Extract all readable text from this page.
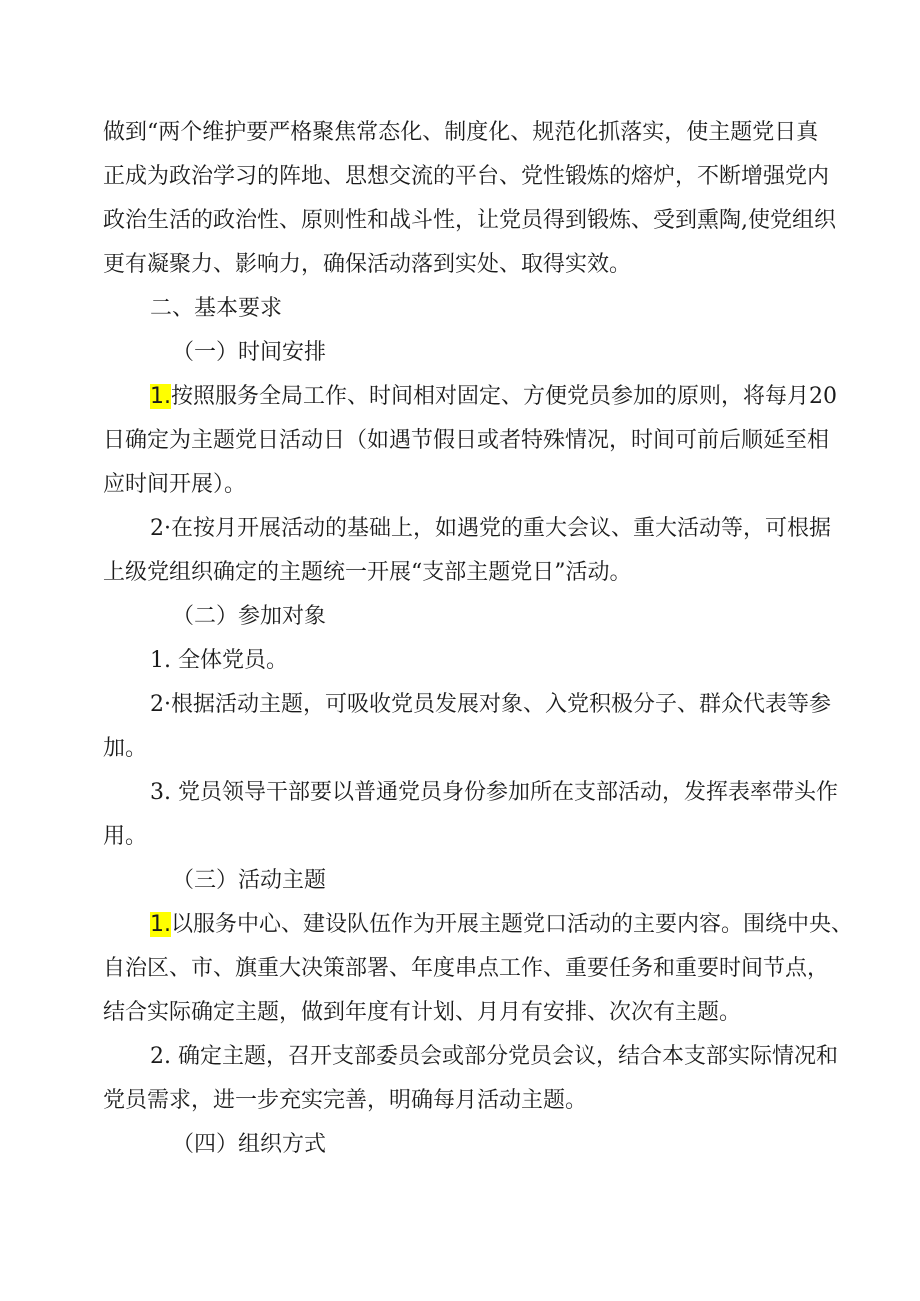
做到“两个维护要严格聚焦常态化、制度化、规范化抓落实，使主题党日真
正成为政治学习的阵地、思想交流的平台、党性锻炼的熔炉，不断增强党内
政治生活的政治性、原则性和战斗性，让党员得到锻炼、受到熏陶,使党组织
更有凝聚力、影响力，确保活动落到实处、取得实效。
二、基本要求
（一）时间安排
1.按照服务全局工作、时间相对固定、方便党员参加的原则，将每月20
日确定为主题党日活动日（如遇节假日或者特殊情况，时间可前后顺延至相
应时间开展）。
2·在按月开展活动的基础上，如遇党的重大会议、重大活动等，可根据
上级党组织确定的主题统一开展“支部主题党日”活动。
（二）参加对象
1. 全体党员。
2·根据活动主题，可吸收党员发展对象、入党积极分子、群众代表等参
加。
3. 党员领导干部要以普通党员身份参加所在支部活动，发挥表率带头作
用。
（三）活动主题
1.以服务中心、建设队伍作为开展主题党口活动的主要内容。围绕中央、
自治区、市、旗重大决策部署、年度串点工作、重要任务和重要时间节点，
结合实际确定主题，做到年度有计划、月月有安排、次次有主题。
2. 确定主题，召开支部委员会或部分党员会议，结合本支部实际情况和
党员需求，进一步充实完善，明确每月活动主题。
（四）组织方式
